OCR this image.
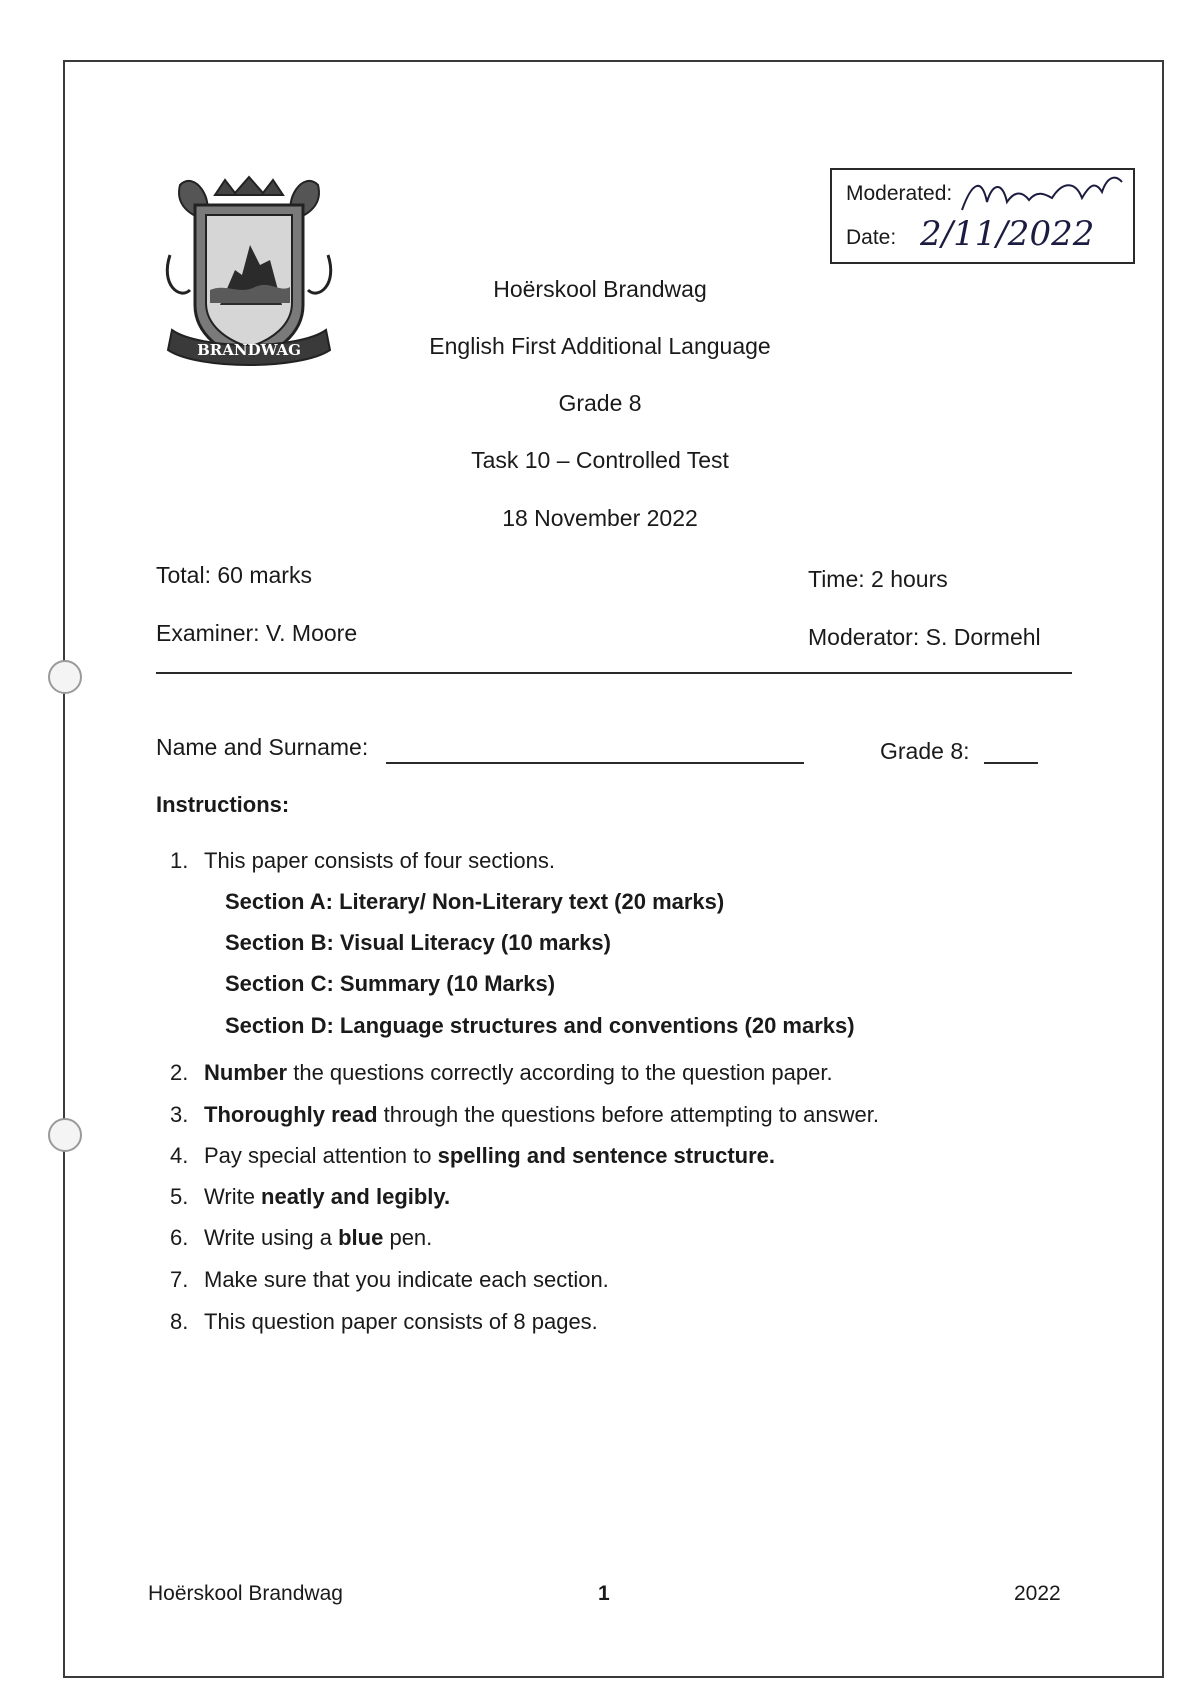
BRANDWAG
Moderated:
Date: 2/11/2022
Hoërskool Brandwag
English First Additional Language
Grade 8
Task 10 – Controlled Test
18 November 2022
Total: 60 marks	Time: 2 hours
Examiner: V. Moore	Moderator: S. Dormehl
Name and Surname:	Grade 8:
Instructions:
1. This paper consists of four sections.
2. Number the questions correctly according to the question paper.
3. Thoroughly read through the questions before attempting to answer.
4. Pay special attention to spelling and sentence structure.
5. Write neatly and legibly.
6. Write using a blue pen.
7. Make sure that you indicate each section.
8. This question paper consists of 8 pages.
Section A: Literary/ Non-Literary text (20 marks)
Section B: Visual Literacy (10 marks)
Section C: Summary (10 Marks)
Section D: Language structures and conventions (20 marks)
Hoërskool Brandwag	1	2022
